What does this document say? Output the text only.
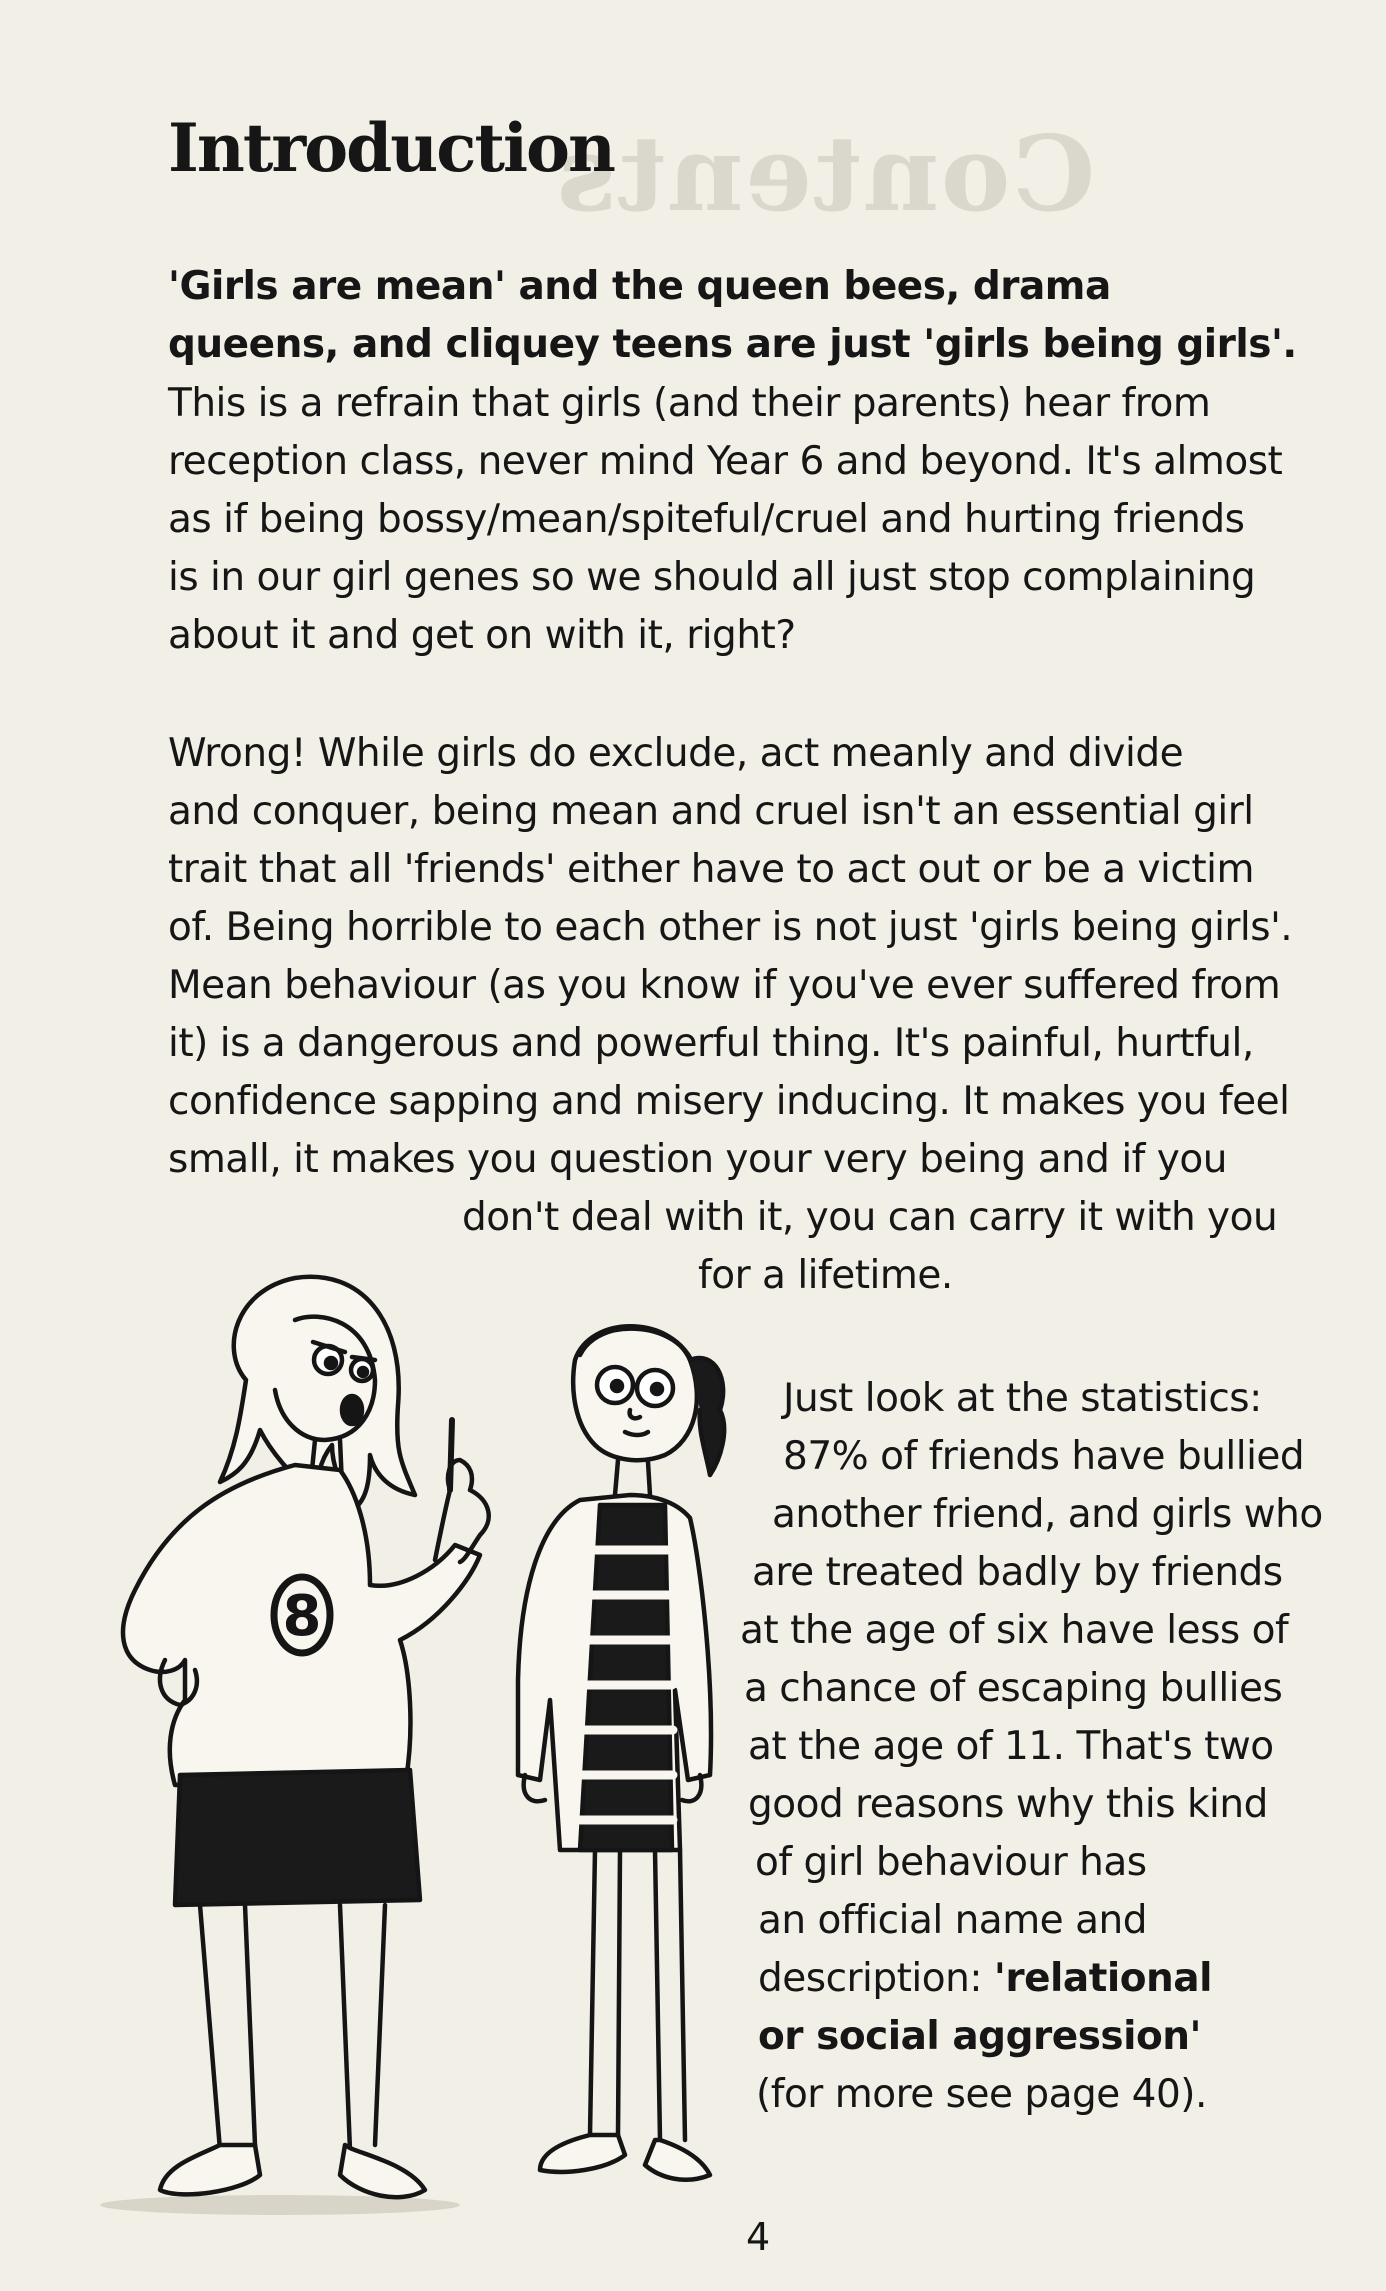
Contents
Introduction
'Girls are mean' and the queen bees, drama
queens, and cliquey teens are just 'girls being girls'.
This is a refrain that girls (and their parents) hear from
reception class, never mind Year 6 and beyond. It's almost
as if being bossy/mean/spiteful/cruel and hurting friends
is in our girl genes so we should all just stop complaining
about it and get on with it, right?
Wrong! While girls do exclude, act meanly and divide
and conquer, being mean and cruel isn't an essential girl
trait that all 'friends' either have to act out or be a victim
of. Being horrible to each other is not just 'girls being girls'.
Mean behaviour (as you know if you've ever suffered from
it) is a dangerous and powerful thing. It's painful, hurtful,
confidence sapping and misery inducing. It makes you feel
small, it makes you question your very being and if you
don't deal with it, you can carry it with you
for a lifetime.
Just look at the statistics:
87% of friends have bullied
another friend, and girls who
are treated badly by friends
at the age of six have less of
a chance of escaping bullies
at the age of 11. That's two
good reasons why this kind
of girl behaviour has
an official name and
description: 'relational
or social aggression'
(for more see page 40).
8
4
